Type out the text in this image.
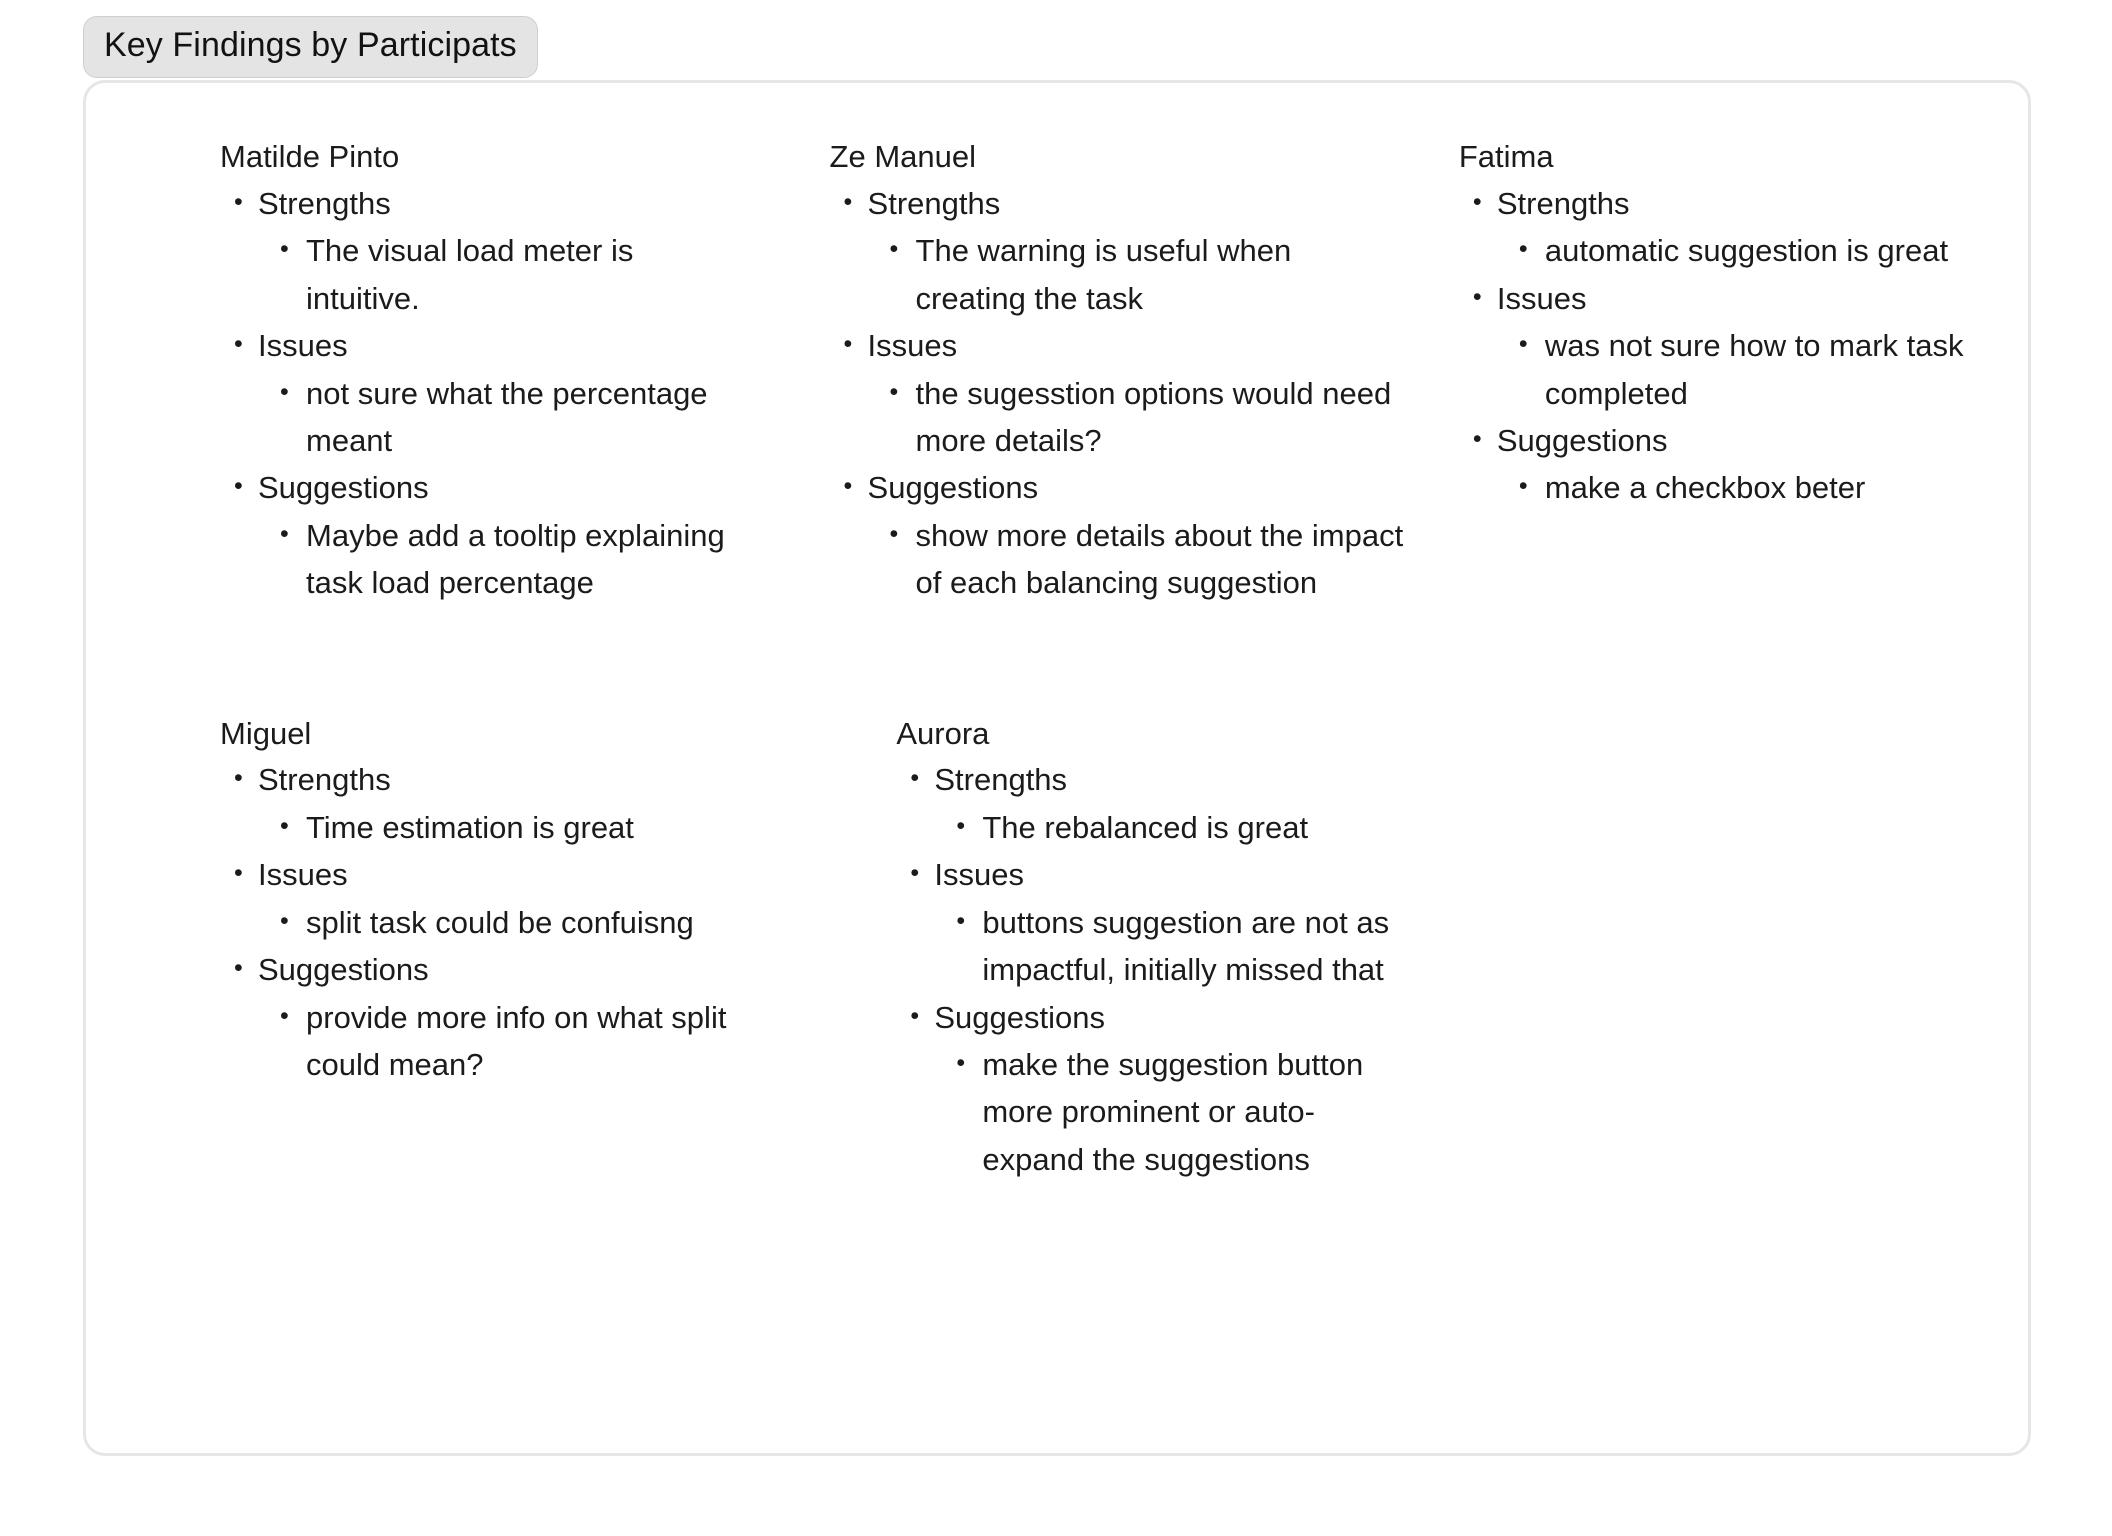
Key Findings by Participats
Matilde Pinto
• Strengths
• The visual load meter is intuitive.
• Issues
• not sure what the percentage meant
• Suggestions
• Maybe add a tooltip explaining task load percentage
Ze Manuel
• Strengths
• The warning is useful when creating the task
• Issues
• the sugesstion options would need more details?
• Suggestions
• show more details about the impact of each balancing suggestion
Fatima
• Strengths
• automatic suggestion is great
• Issues
• was not sure how to mark task completed
• Suggestions
• make a checkbox beter
Miguel
• Strengths
• Time estimation is great
• Issues
• split task could be confuisng
• Suggestions
• provide more info on what split could mean?
Aurora
• Strengths
• The rebalanced is great
• Issues
• buttons suggestion are not as impactful, initially missed that
• Suggestions
• make the suggestion button more prominent or auto-expand the suggestions
